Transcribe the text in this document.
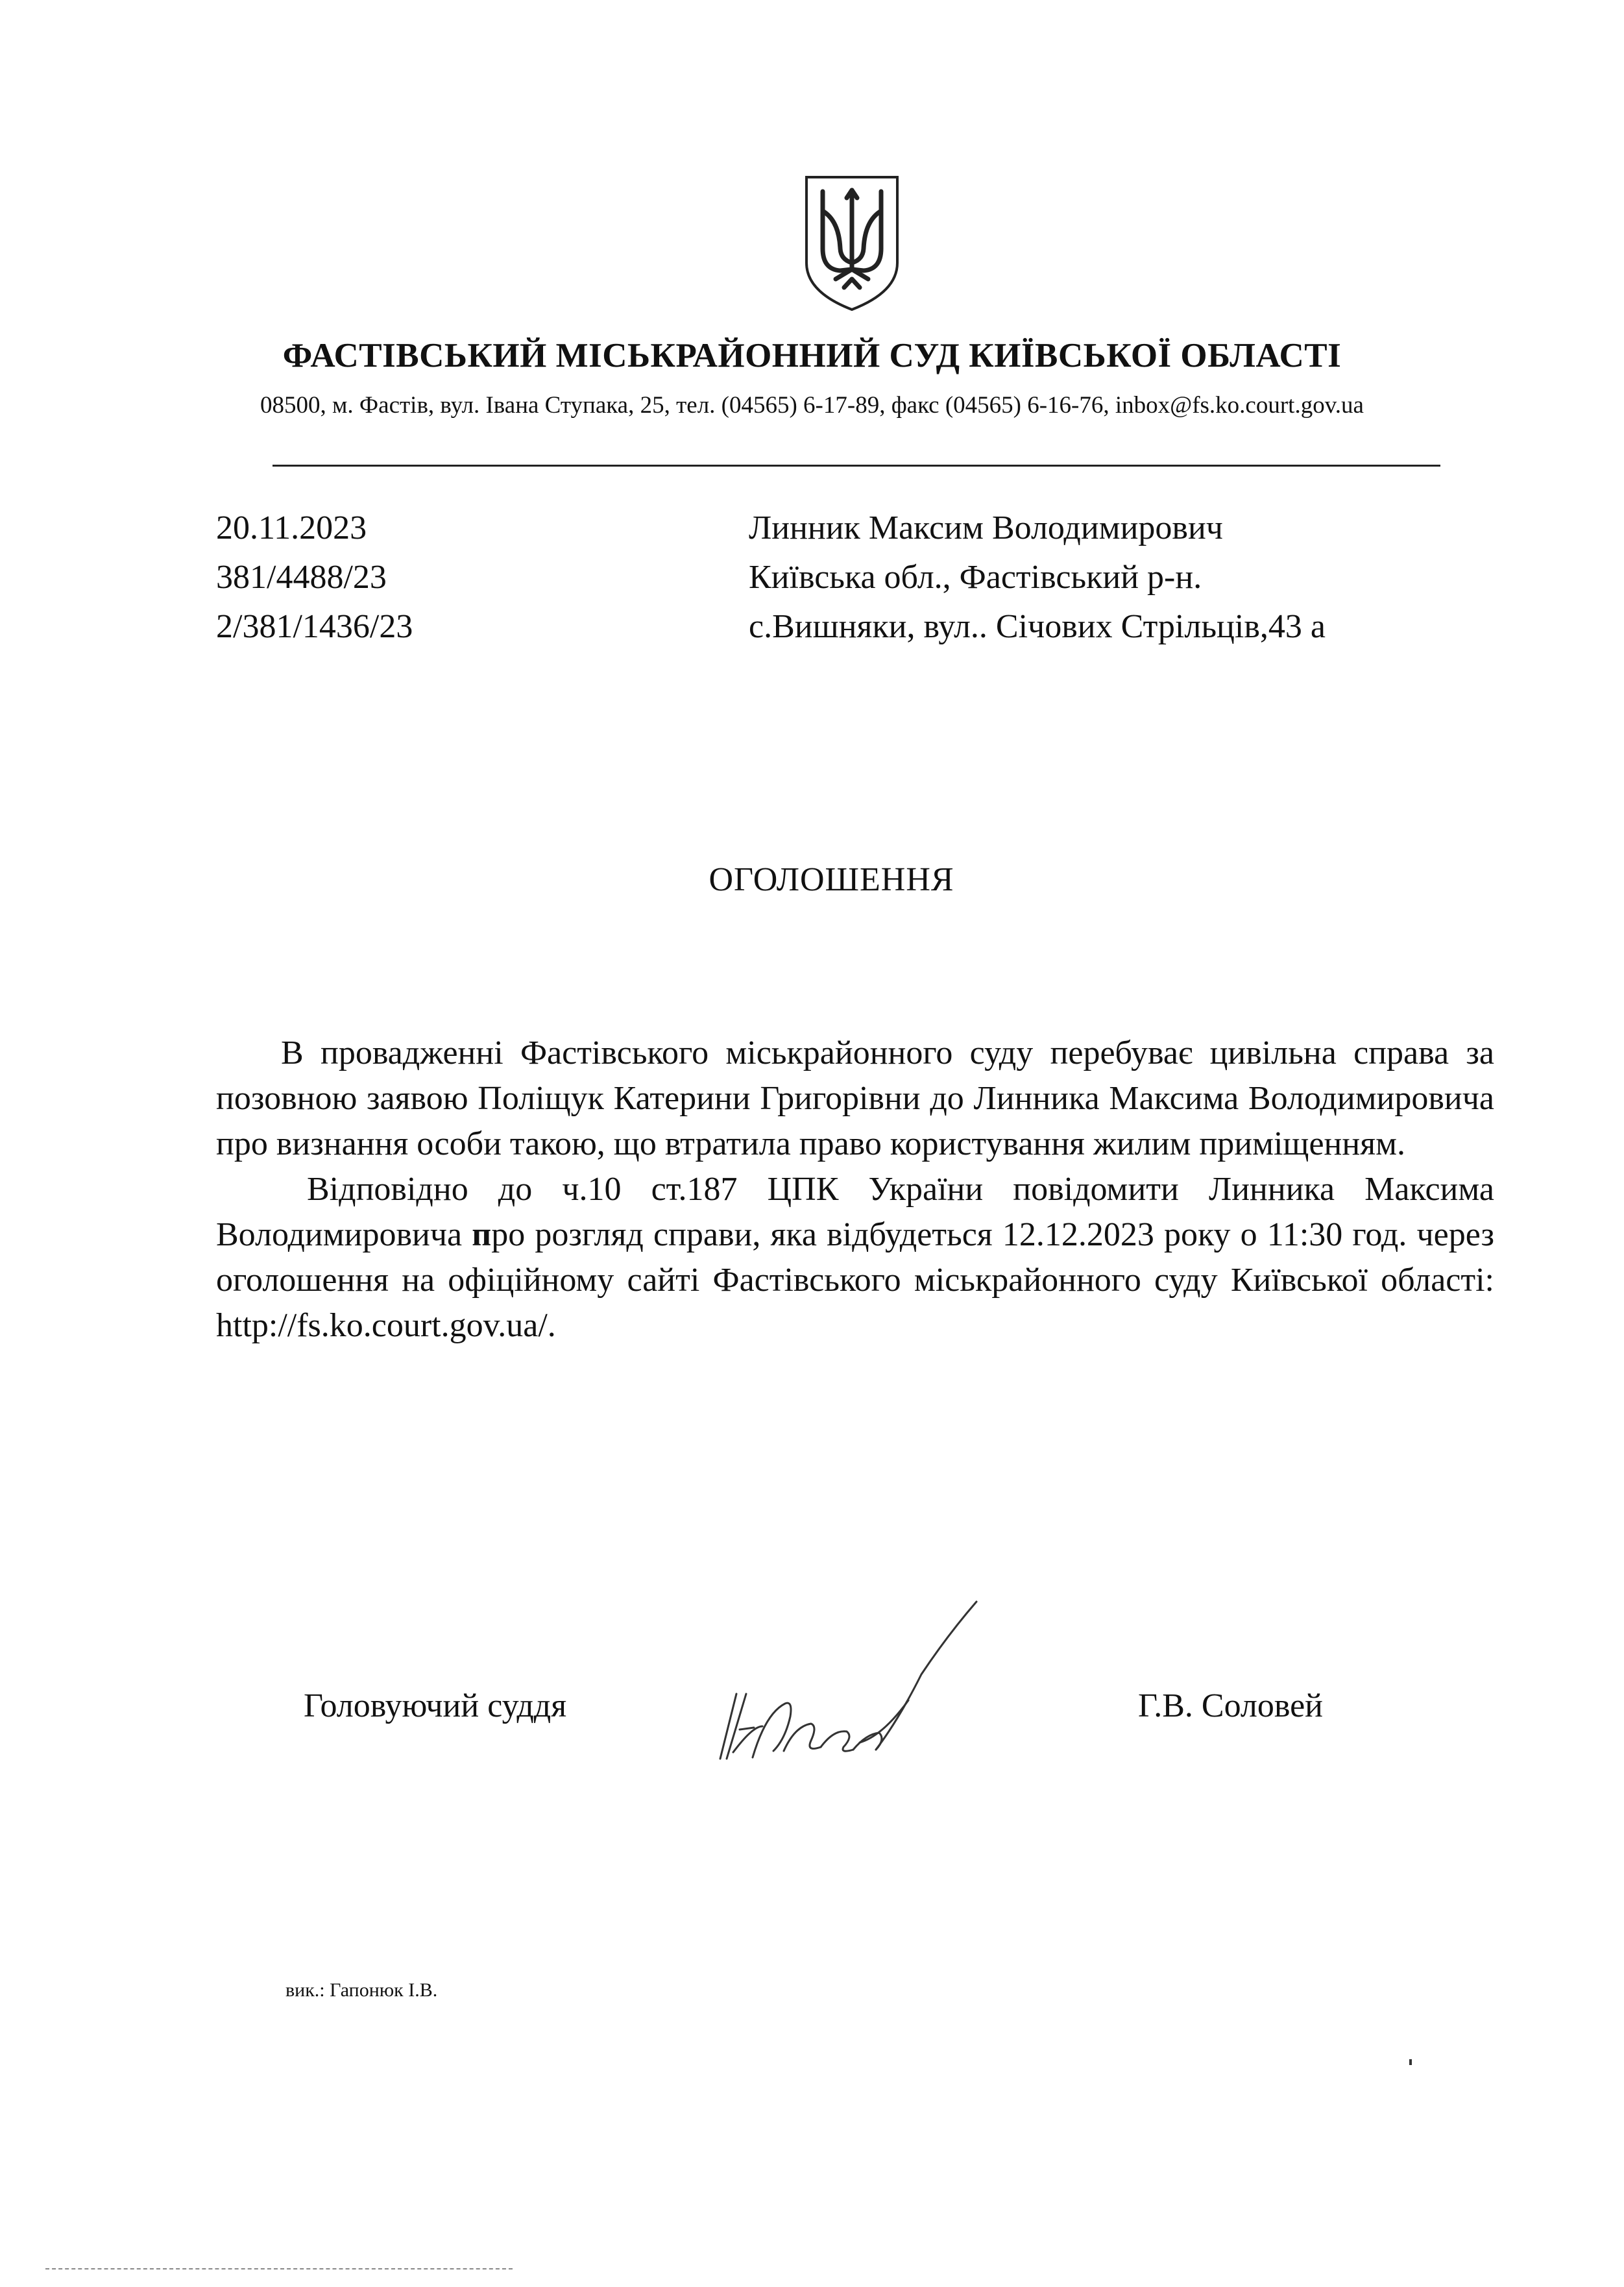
ФАСТІВСЬКИЙ МІСЬКРАЙОННИЙ СУД КИЇВСЬКОЇ ОБЛАСТІ
08500, м. Фастів, вул. Івана Ступака, 25, тел. (04565) 6-17-89, факс (04565) 6-16-76, inbox@fs.ko.court.gov.ua
20.11.2023
381/4488/23
2/381/1436/23
Линник Максим Володимирович
Київська обл., Фастівський р-н.
с.Вишняки, вул.. Січових Стрільців,43 а
ОГОЛОШЕННЯ

В провадженні Фастівського міськрайонного суду перебуває цивільна справа за позовною заявою Поліщук Катерини Григорівни до Линника Максима Володимировича про визнання особи такою, що втратила право користування жилим приміщенням.

Відповідно до ч.10 ст.187 ЦПК України повідомити Линника Максима Володимировича про розгляд справи, яка відбудеться 12.12.2023 року о 11:30 год. через оголошення на офіційному сайті Фастівського міськрайонного суду Київської області: http://fs.ko.court.gov.ua/.

Головуючий суддя	Г.В. Соловей
вик.: Гапонюк І.В.
